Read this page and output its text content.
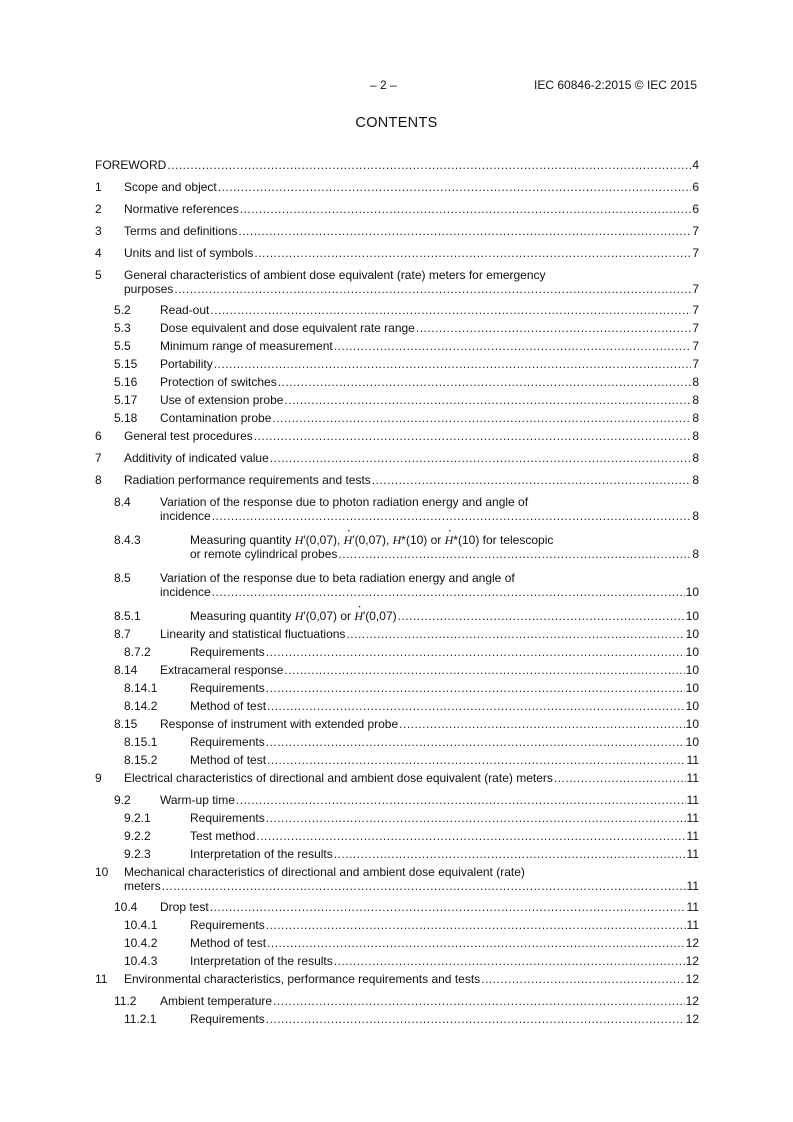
– 2 –	IEC 60846-2:2015 © IEC 2015
CONTENTS
FOREWORD .....	4
1 Scope and object .....	6
2 Normative references .....	6
3 Terms and definitions .....	7
4 Units and list of symbols .....	7
5	General characteristics of ambient dose equivalent (rate) meters for emergency
purposes .....	7
5.2 Read-out .....	7
5.3 Dose equivalent and dose equivalent rate range .....	7
5.5 Minimum range of measurement .....	7
5.15 Portability .....	7
5.16 Protection of switches .....	8
5.17 Use of extension probe .....	8
5.18 Contamination probe .....	8
6 General test procedures .....	8
7 Additivity of indicated value .....	8
8 Radiation performance requirements and tests .....	8
8.4	Variation of the response due to photon radiation energy and angle of
incidence .....	8
8.4.3	Measuring quantity H′(0,07), · H′(0,07), H*(10) or · H*(10) for telescopic
or remote cylindrical probes .....	8
8.5	Variation of the response due to beta radiation energy and angle of
incidence .....	10
8.5.1	Measuring quantity H′(0,07) or · H′(0,07) .....	10
8.7 Linearity and statistical fluctuations .....	10
8.7.2	Requirements .....	10
8.14 Extracameral response .....	10
8.14.1	Requirements .....	10
8.14.2	Method of test .....	10
8.15 Response of instrument with extended probe .....	10
8.15.1	Requirements .....	10
8.15.2	Method of test .....	11
9 Electrical characteristics of directional and ambient dose equivalent (rate) meters .....	11
9.2 Warm-up time .....	11
9.2.1	Requirements .....	11
9.2.2	Test method .....	11
9.2.3	Interpretation of the results .....	11
10	Mechanical characteristics of directional and ambient dose equivalent (rate)
meters .....	11
10.4 Drop test .....	11
10.4.1	Requirements .....	11
10.4.2	Method of test .....	12
10.4.3	Interpretation of the results .....	12
11 Environmental characteristics, performance requirements and tests .....	12
11.2 Ambient temperature .....	12
11.2.1	Requirements .....	12
